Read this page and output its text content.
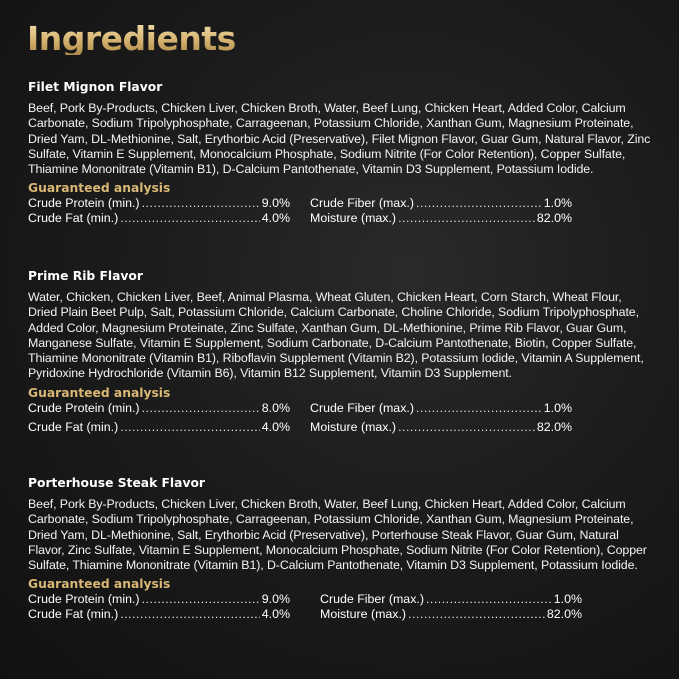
Ingredients
Filet Mignon Flavor

Beef, Pork By-Products, Chicken Liver, Chicken Broth, Water, Beef Lung, Chicken Heart, Added Color, Calcium Carbonate, Sodium Tripolyphosphate, Carrageenan, Potassium Chloride, Xanthan Gum, Magnesium Proteinate, Dried Yam, DL-Methionine, Salt, Erythorbic Acid (Preservative), Filet Mignon Flavor, Guar Gum, Natural Flavor, Zinc Sulfate, Vitamin E Supplement, Monocalcium Phosphate, Sodium Nitrite (For Color Retention), Copper Sulfate, Thiamine Mononitrate (Vitamin B1), D-Calcium Pantothenate, Vitamin D3 Supplement, Potassium Iodide.

Guaranteed analysis
Crude Protein (min.) .....	9.0% Crude Fiber (max.) .....	1.0%
Crude Fat (min.) .....	4.0% Moisture (max.) .....	82.0%
Prime Rib Flavor

Water, Chicken, Chicken Liver, Beef, Animal Plasma, Wheat Gluten, Chicken Heart, Corn Starch, Wheat Flour, Dried Plain Beet Pulp, Salt, Potassium Chloride, Calcium Carbonate, Choline Chloride, Sodium Tripolyphosphate, Added Color, Magnesium Proteinate, Zinc Sulfate, Xanthan Gum, DL-Methionine, Prime Rib Flavor, Guar Gum, Manganese Sulfate, Vitamin E Supplement, Sodium Carbonate, D-Calcium Pantothenate, Biotin, Copper Sulfate, Thiamine Mononitrate (Vitamin B1), Riboflavin Supplement (Vitamin B2), Potassium Iodide, Vitamin A Supplement, Pyridoxine Hydrochloride (Vitamin B6), Vitamin B12 Supplement, Vitamin D3 Supplement.

Guaranteed analysis
Crude Protein (min.) .....	8.0% Crude Fiber (max.) .....	1.0%
Crude Fat (min.) .....	4.0% Moisture (max.) .....	82.0%
Porterhouse Steak Flavor

Beef, Pork By-Products, Chicken Liver, Chicken Broth, Water, Beef Lung, Chicken Heart, Added Color, Calcium Carbonate, Sodium Tripolyphosphate, Carrageenan, Potassium Chloride, Xanthan Gum, Magnesium Proteinate, Dried Yam, DL-Methionine, Salt, Erythorbic Acid (Preservative), Porterhouse Steak Flavor, Guar Gum, Natural Flavor, Zinc Sulfate, Vitamin E Supplement, Monocalcium Phosphate, Sodium Nitrite (For Color Retention), Copper Sulfate, Thiamine Mononitrate (Vitamin B1), D-Calcium Pantothenate, Vitamin D3 Supplement, Potassium Iodide.

Guaranteed analysis
Crude Protein (min.) .....	9.0% Crude Fiber (max.) .....	1.0%
Crude Fat (min.) .....	4.0% Moisture (max.) .....	82.0%
